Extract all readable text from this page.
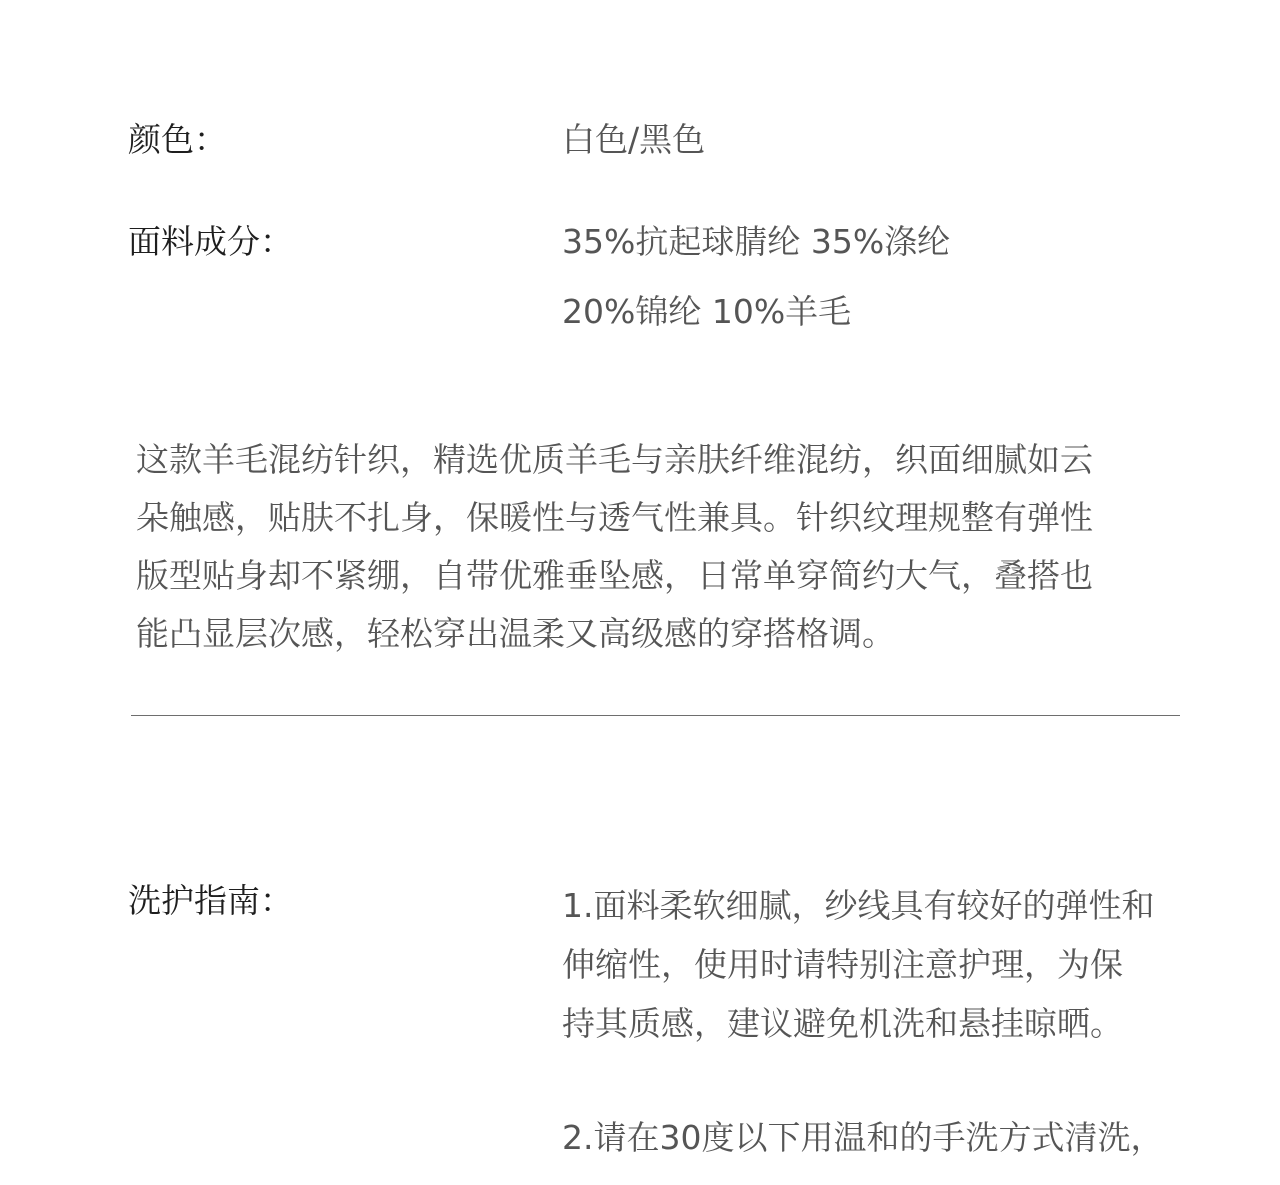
颜色：	白色/黑色
面料成分：	35%抗起球腈纶 35%涤纶
20%锦纶 10%羊毛
这款羊毛混纺针织，精选优质羊毛与亲肤纤维混纺，织面细腻如云
朵触感，贴肤不扎身，保暖性与透气性兼具。针织纹理规整有弹性
版型贴身却不紧绷，自带优雅垂坠感，日常单穿简约大气，叠搭也
能凸显层次感，轻松穿出温柔又高级感的穿搭格调。
洗护指南：	1.面料柔软细腻，纱线具有较好的弹性和
伸缩性，使用时请特别注意护理，为保
持其质感，建议避免机洗和悬挂晾晒。
2.请在30度以下用温和的手洗方式清洗，
